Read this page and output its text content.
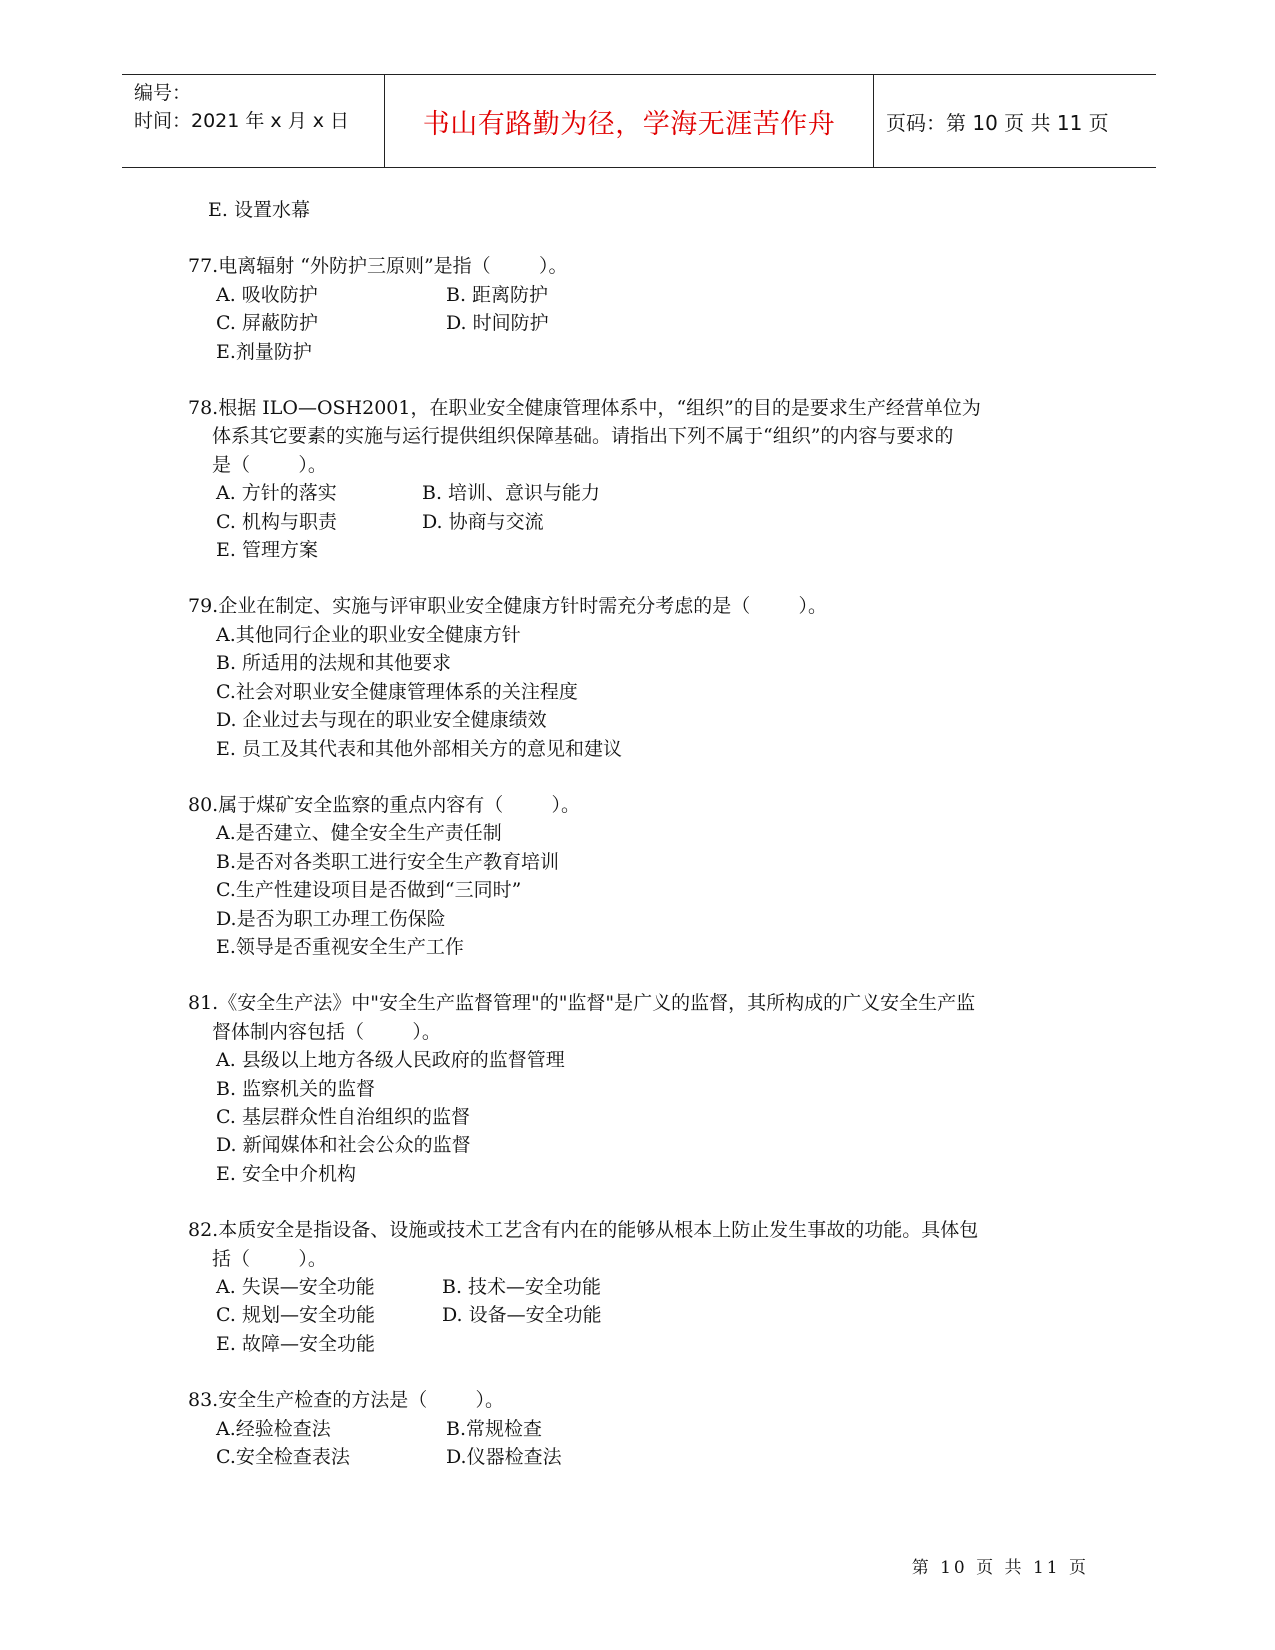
编号：
时间：2021 年 x 月 x 日	书山有路勤为径，学海无涯苦作舟	页码：第 10 页 共 11 页
E. 设置水幕
77.电离辐射 “外防护三原则”是指（        ）。
A. 吸收防护	B. 距离防护
C. 屏蔽防护	D. 时间防护
E.剂量防护
78.根据 ILO—OSH2001，在职业安全健康管理体系中，“组织”的目的是要求生产经营单位为
体系其它要素的实施与运行提供组织保障基础。请指出下列不属于“组织”的内容与要求的
是（        ）。
A. 方针的落实	B. 培训、意识与能力
C. 机构与职责	D. 协商与交流
E. 管理方案
79.企业在制定、实施与评审职业安全健康方针时需充分考虑的是（        ）。
A.其他同行企业的职业安全健康方针
B. 所适用的法规和其他要求
C.社会对职业安全健康管理体系的关注程度
D. 企业过去与现在的职业安全健康绩效
E. 员工及其代表和其他外部相关方的意见和建议
80.属于煤矿安全监察的重点内容有（        ）。
A.是否建立、健全安全生产责任制
B.是否对各类职工进行安全生产教育培训
C.生产性建设项目是否做到“三同时”
D.是否为职工办理工伤保险
E.领导是否重视安全生产工作
81.《安全生产法》中"安全生产监督管理"的"监督"是广义的监督，其所构成的广义安全生产监
督体制内容包括（        ）。
A. 县级以上地方各级人民政府的监督管理
B. 监察机关的监督
C. 基层群众性自治组织的监督
D. 新闻媒体和社会公众的监督
E. 安全中介机构
82.本质安全是指设备、设施或技术工艺含有内在的能够从根本上防止发生事故的功能。具体包
括（        ）。
A. 失误—安全功能	B. 技术—安全功能
C. 规划—安全功能	D. 设备—安全功能
E. 故障—安全功能
83.安全生产检查的方法是（        ）。
A.经验检查法	B.常规检查
C.安全检查表法	D.仪器检查法
第 10 页 共 11 页
